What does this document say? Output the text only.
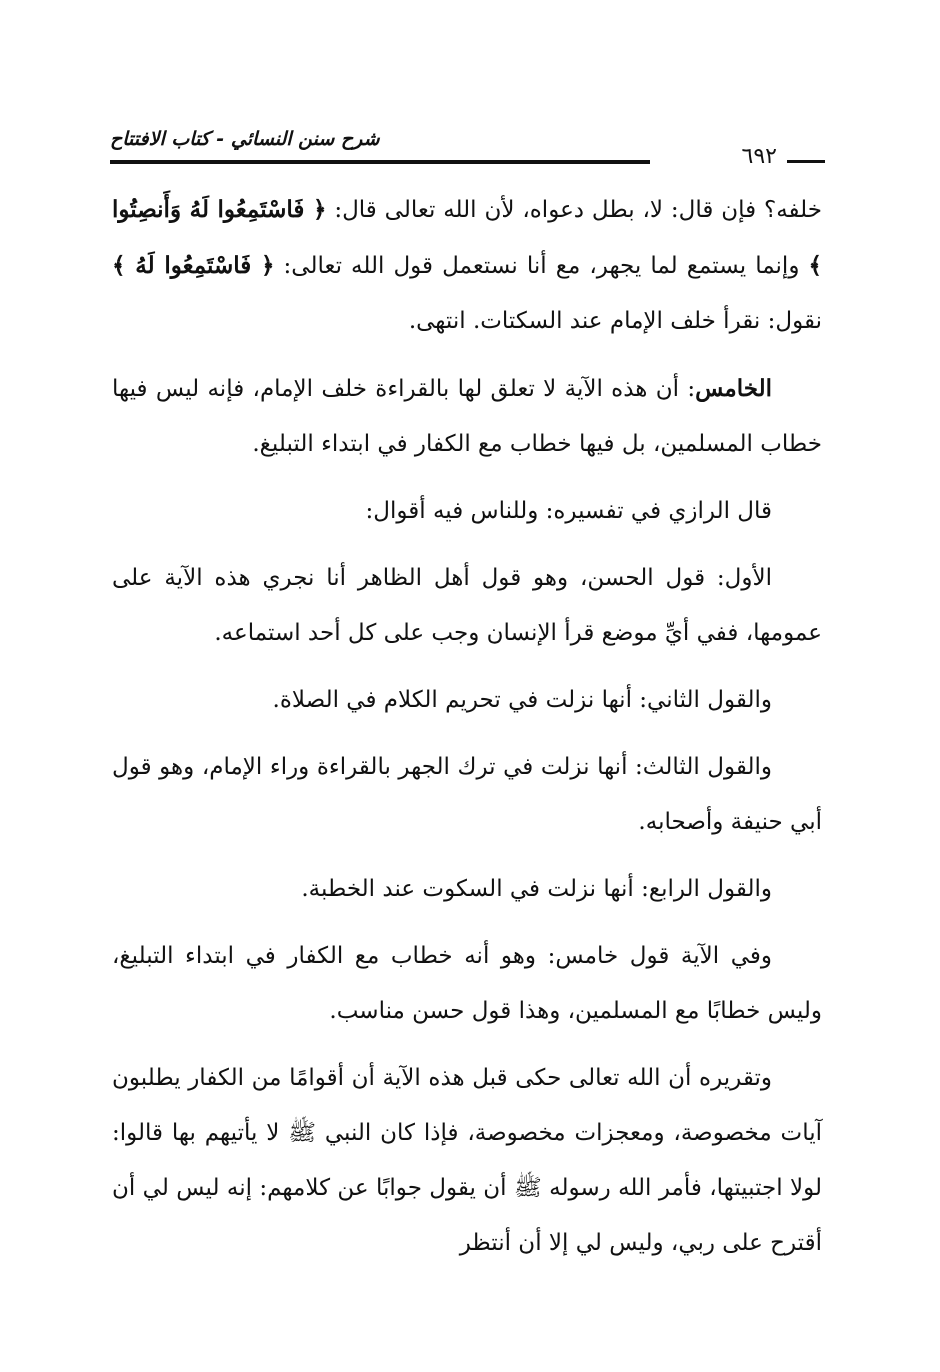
شرح سنن النسائي - كتاب الافتتاح
٦٩٢

خلفه؟ فإن قال: لا، بطل دعواه، لأن الله تعالى قال: ﴿ فَاسْتَمِعُوا لَهُ وَأَنصِتُوا ﴾ وإنما يستمع لما يجهر، مع أنا نستعمل قول الله تعالى: ﴿ فَاسْتَمِعُوا لَهُ ﴾ نقول: نقرأ خلف الإمام عند السكتات. انتهى.

الخامس: أن هذه الآية لا تعلق لها بالقراءة خلف الإمام، فإنه ليس فيها خطاب المسلمين، بل فيها خطاب مع الكفار في ابتداء التبليغ.

قال الرازي في تفسيره: وللناس فيه أقوال:

الأول: قول الحسن، وهو قول أهل الظاهر أنا نجري هذه الآية على عمومها، ففي أيِّ موضع قرأ الإنسان وجب على كل أحد استماعه.

والقول الثاني: أنها نزلت في تحريم الكلام في الصلاة.

والقول الثالث: أنها نزلت في ترك الجهر بالقراءة وراء الإمام، وهو قول أبي حنيفة وأصحابه.

والقول الرابع: أنها نزلت في السكوت عند الخطبة.

وفي الآية قول خامس: وهو أنه خطاب مع الكفار في ابتداء التبليغ، وليس خطابًا مع المسلمين، وهذا قول حسن مناسب.

وتقريره أن الله تعالى حكى قبل هذه الآية أن أقوامًا من الكفار يطلبون آيات مخصوصة، ومعجزات مخصوصة، فإذا كان النبي ﷺ لا يأتيهم بها قالوا: لولا اجتبيتها، فأمر الله رسوله ﷺ أن يقول جوابًا عن كلامهم: إنه ليس لي أن أقترح على ربي، وليس لي إلا أن أنتظر
